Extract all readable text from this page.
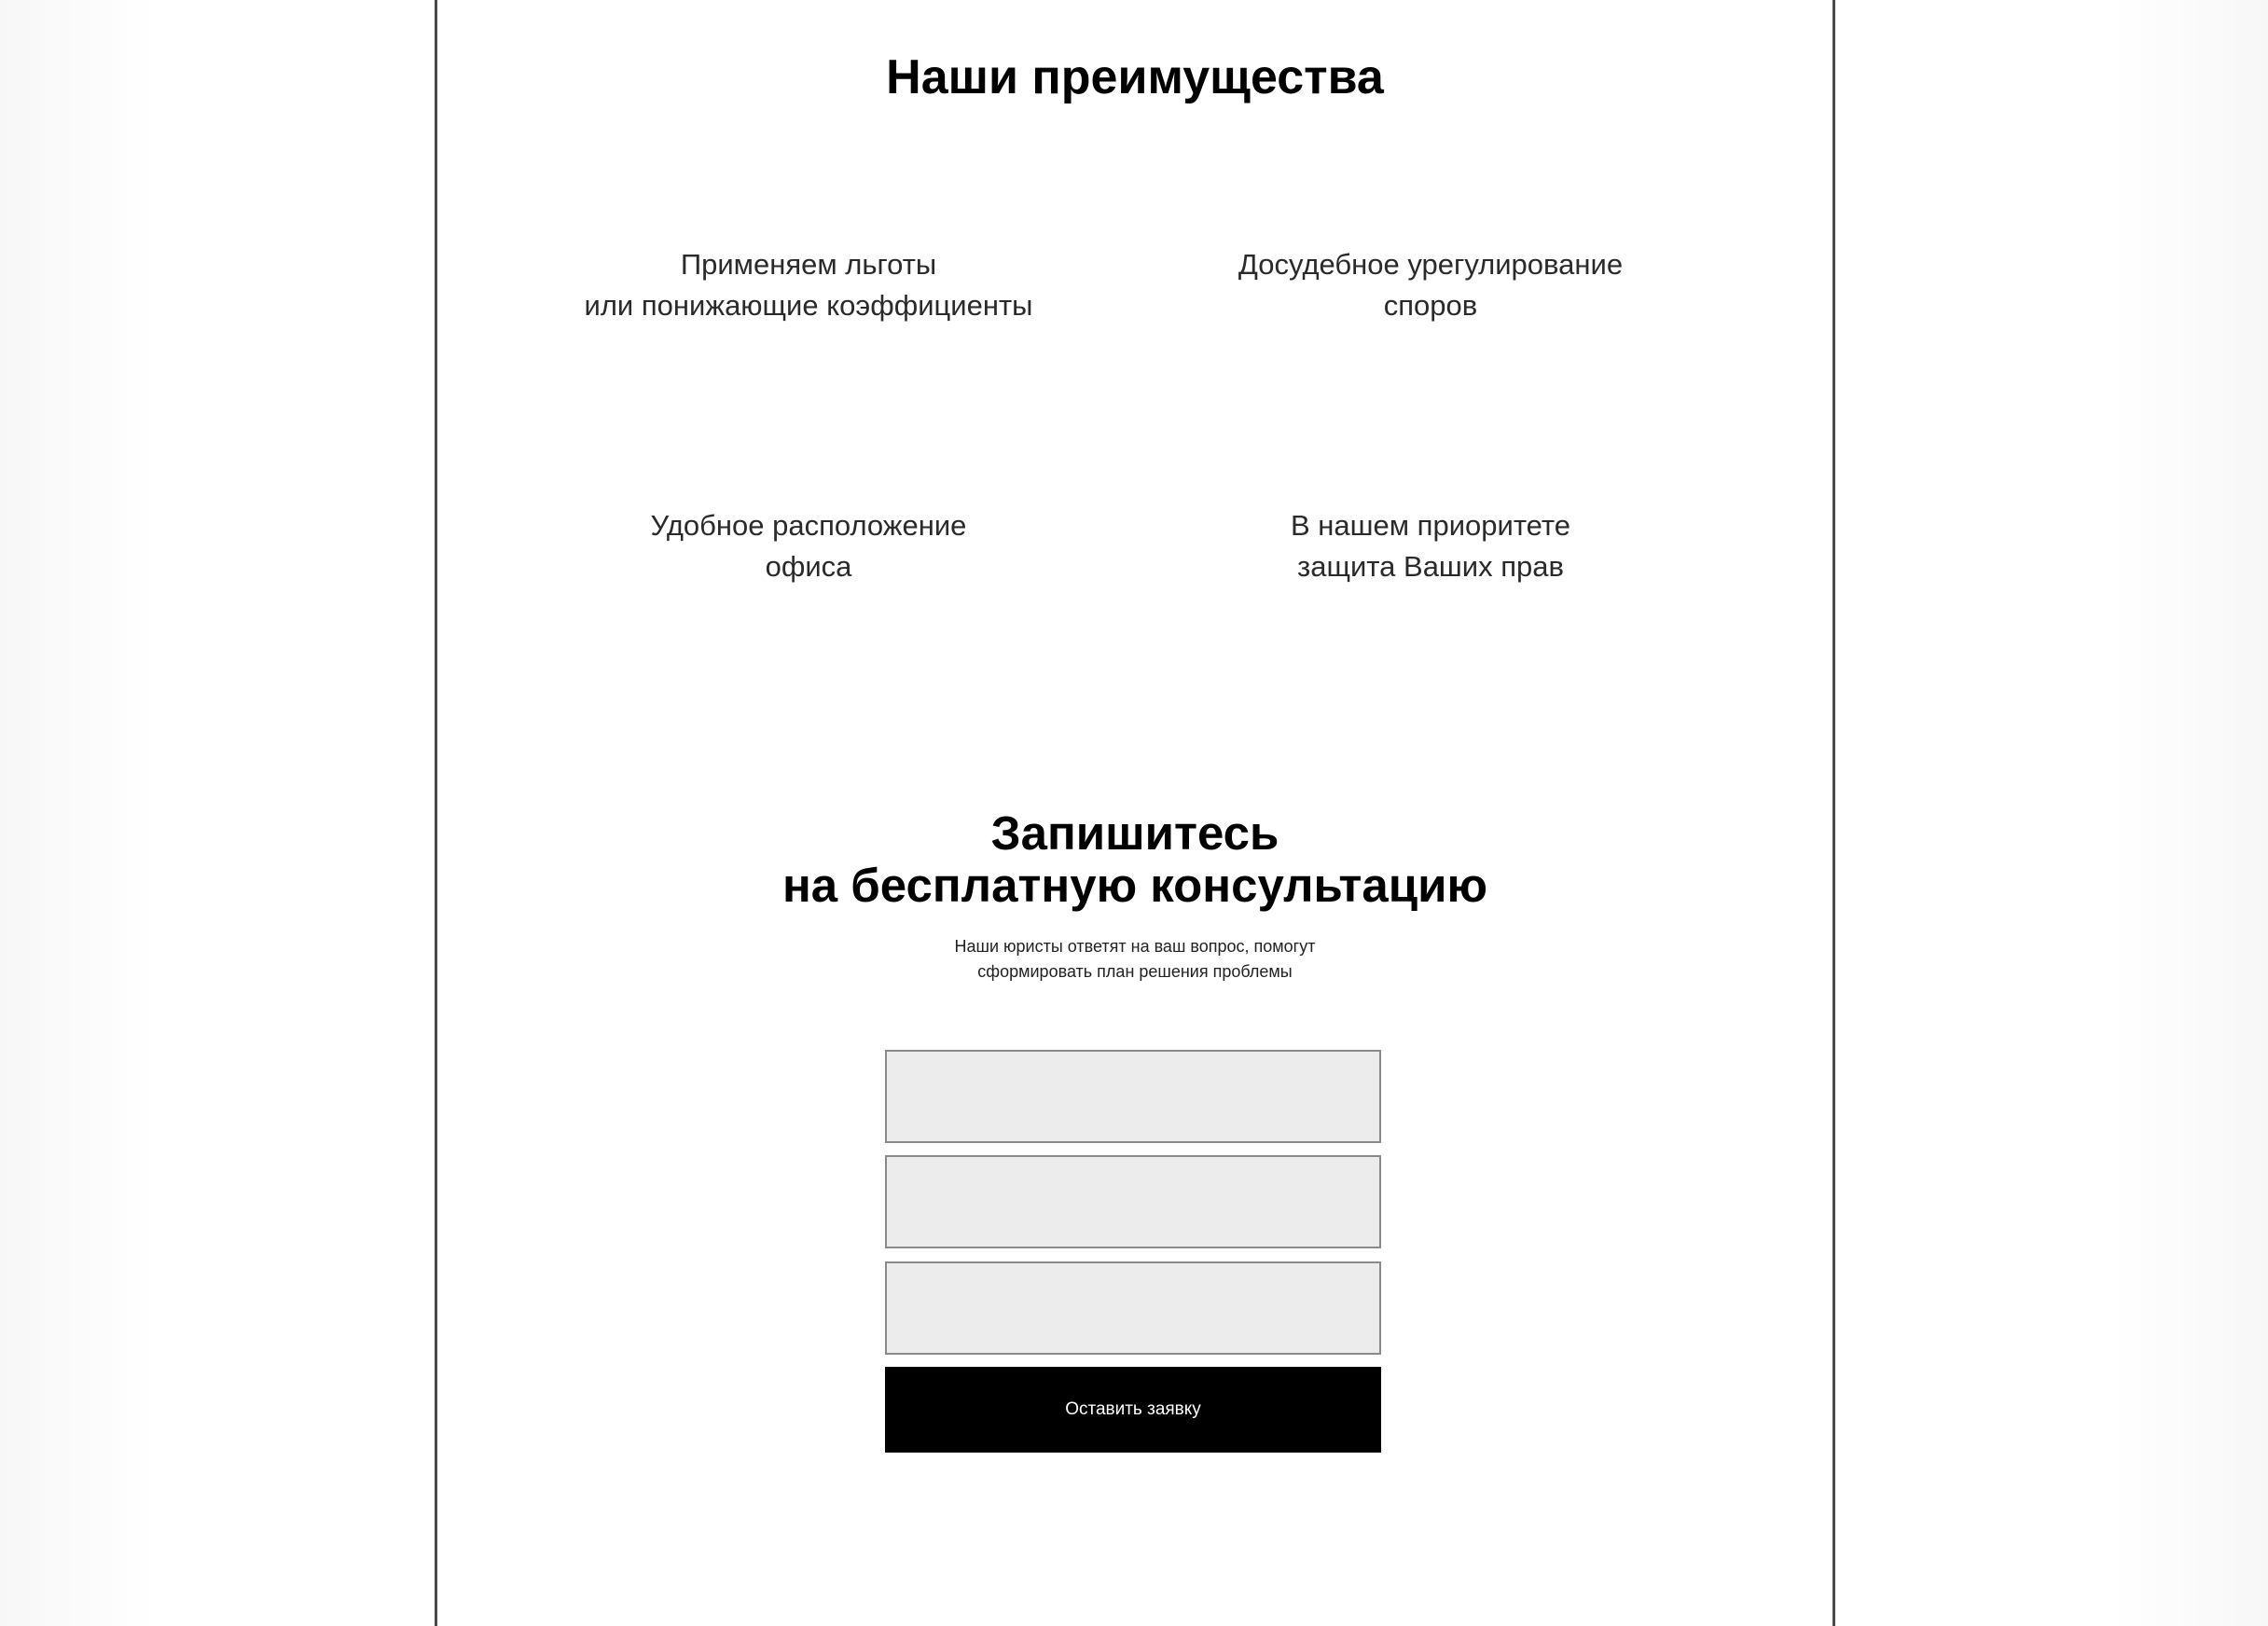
Наши преимущества
Применяем льготы
или понижающие коэффициенты
Досудебное урегулирование
споров
Удобное расположение
офиса
В нашем приоритете
защита Ваших прав
Запишитесь
на бесплатную консультацию
Наши юристы ответят на ваш вопрос, помогут
сформировать план решения проблемы
Оставить заявку
